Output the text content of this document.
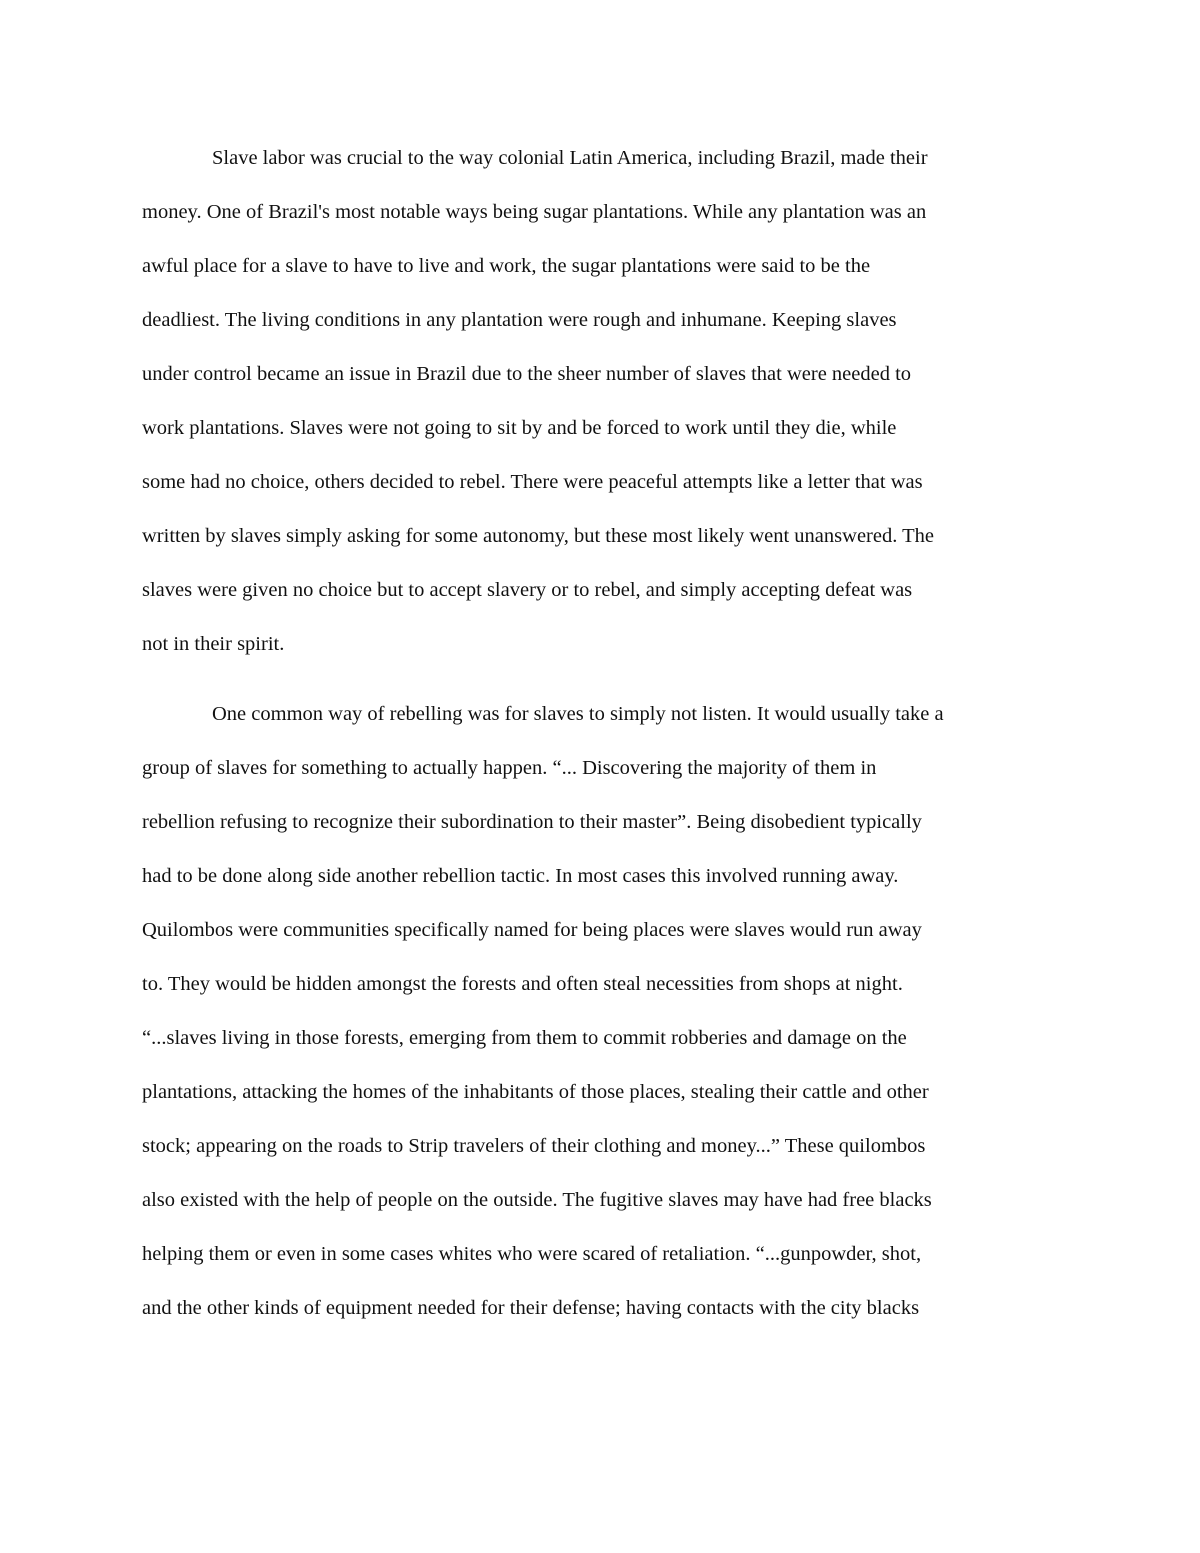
Slave labor was crucial to the way colonial Latin America, including Brazil, made their
money. One of Brazil's most notable ways being sugar plantations. While any plantation was an
awful place for a slave to have to live and work, the sugar plantations were said to be the
deadliest. The living conditions in any plantation were rough and inhumane. Keeping slaves
under control became an issue in Brazil due to the sheer number of slaves that were needed to
work plantations. Slaves were not going to sit by and be forced to work until they die, while
some had no choice, others decided to rebel. There were peaceful attempts like a letter that was
written by slaves simply asking for some autonomy, but these most likely went unanswered. The
slaves were given no choice but to accept slavery or to rebel, and simply accepting defeat was
not in their spirit.
One common way of rebelling was for slaves to simply not listen. It would usually take a
group of slaves for something to actually happen. “... Discovering the majority of them in
rebellion refusing to recognize their subordination to their master”. Being disobedient typically
had to be done along side another rebellion tactic. In most cases this involved running away.
Quilombos were communities specifically named for being places were slaves would run away
to. They would be hidden amongst the forests and often steal necessities from shops at night.
“...slaves living in those forests, emerging from them to commit robberies and damage on the
plantations, attacking the homes of the inhabitants of those places, stealing their cattle and other
stock; appearing on the roads to Strip travelers of their clothing and money...” These quilombos
also existed with the help of people on the outside. The fugitive slaves may have had free blacks
helping them or even in some cases whites who were scared of retaliation. “...gunpowder, shot,
and the other kinds of equipment needed for their defense; having contacts with the city blacks
